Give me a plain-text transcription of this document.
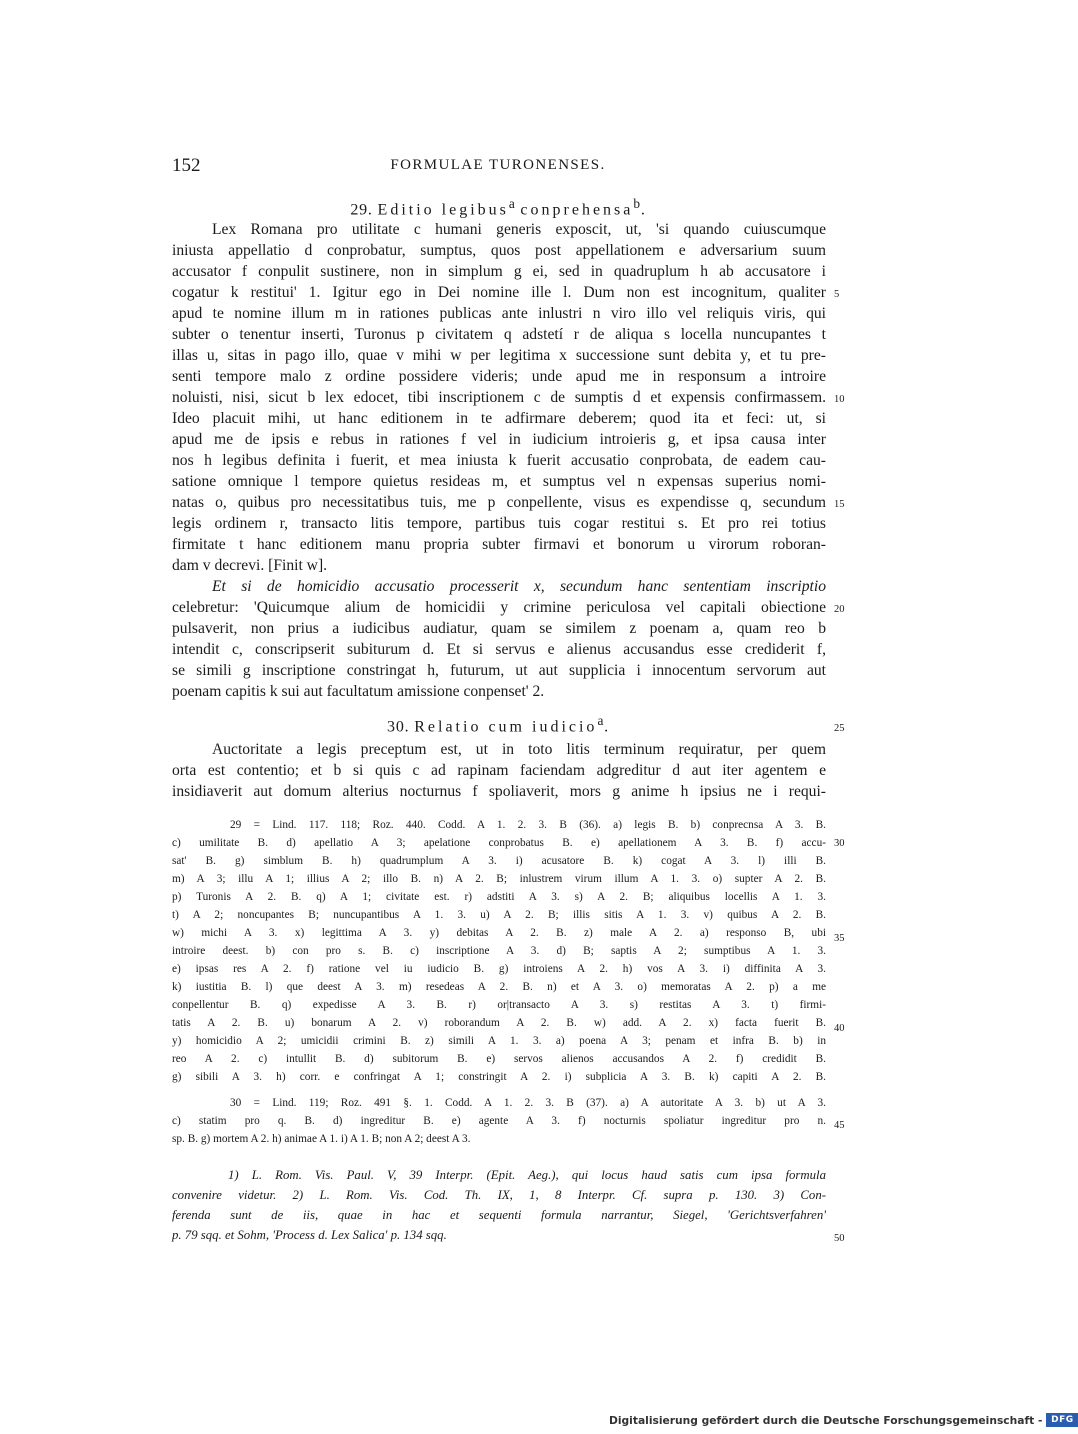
152	FORMULAE TURONENSES.
29. Editio legibus$^a$ conprehensa$^b$.
Lex Romana pro utilitate c humani generis exposcit, ut, 'si quando cuiuscumque
iniusta appellatio d conprobatur, sumptus, quos post appellationem e adversarium suum
accusator f conpulit sustinere, non in simplum g ei, sed in quadruplum h ab accusatore i
cogatur k restitui' 1. Igitur ego in Dei nomine ille l. Dum non est incognitum, qualiter
apud te nomine illum m in rationes publicas ante inlustri n viro illo vel reliquis viris, qui
subter o tenentur inserti, Turonus p civitatem q adstetí r de aliqua s locella nuncupantes t
illas u, sitas in pago illo, quae v mihi w per legitima x successione sunt debita y, et tu pre-
senti tempore malo z ordine possidere videris; unde apud me in responsum a introire
noluisti, nisi, sicut b lex edocet, tibi inscriptionem c de sumptis d et expensis confirmassem.
Ideo placuit mihi, ut hanc editionem in te adfirmare deberem; quod ita et feci: ut, si
apud me de ipsis e rebus in rationes f vel in iudicium introieris g, et ipsa causa inter
nos h legibus definita i fuerit, et mea iniusta k fuerit accusatio conprobata, de eadem cau-
satione omnique l tempore quietus resideas m, et sumptus vel n expensas superius nomi-
natas o, quibus pro necessitatibus tuis, me p conpellente, visus es expendisse q, secundum
legis ordinem r, transacto litis tempore, partibus tuis cogar restitui s. Et pro rei totius
firmitate t hanc editionem manu propria subter firmavi et bonorum u virorum roboran-
dam v decrevi. [Finit w].
Et si de homicidio accusatio processerit x, secundum hanc sententiam inscriptio
celebretur: 'Quicumque alium de homicidii y crimine periculosa vel capitali obiectione
pulsaverit, non prius a iudicibus audiatur, quam se similem z poenam a, quam reo b
intendit c, conscripserit subiturum d. Et si servus e alienus accusandus esse crediderit f,
se simili g inscriptione constringat h, futurum, ut aut supplicia i innocentum servorum aut
poenam capitis k sui aut facultatum amissione conpenset' 2.
30. Relatio cum iudicio$^a$.
Auctoritate a legis preceptum est, ut in toto litis terminum requiratur, per quem
orta est contentio; et b si quis c ad rapinam faciendam adgreditur d aut iter agentem e
insidiaverit aut domum alterius nocturnus f spoliaverit, mors g anime h ipsius ne i requi-
29 = Lind. 117. 118; Roz. 440. Codd. A 1. 2. 3. B (36). a) legis B. b) conprecnsa A 3. B.
c) umilitate B. d) apellatio A 3; apelatione conprobatus B. e) apellationem A 3. B. f) accu-
sat' B. g) simblum B. h) quadrumplum A 3. i) acusatore B. k) cogat A 3. l) illi B.
m) A 3; illu A 1; illius A 2; illo B. n) A 2. B; inlustrem virum illum A 1. 3. o) supter A 2. B.
p) Turonis A 2. B. q) A 1; civitate est. r) adstiti A 3. s) A 2. B; aliquibus locellis A 1. 3.
t) A 2; noncupantes B; nuncupantibus A 1. 3. u) A 2. B; illis sitis A 1. 3. v) quibus A 2. B.
w) michi A 3. x) legittima A 3. y) debitas A 2. B. z) male A 2. a) responso B, ubi
introire deest. b) con pro s. B. c) inscriptione A 3. d) B; saptis A 2; sumptibus A 1. 3.
e) ipsas res A 2. f) ratione vel iu iudicio B. g) introiens A 2. h) vos A 3. i) diffinita A 3.
k) iustitia B. l) que deest A 3. m) resedeas A 2. B. n) et A 3. o) memoratas A 2. p) a me
conpellentur B. q) expedisse A 3. B. r) or|transacto A 3. s) restitas A 3. t) firmi-
tatis A 2. B. u) bonarum A 2. v) roborandum A 2. B. w) add. A 2. x) facta fuerit B.
y) homicidio A 2; umicidii crimini B. z) simili A 1. 3. a) poena A 3; penam et infra B. b) in
reo A 2. c) intullit B. d) subitorum B. e) servos alienos accusandos A 2. f) credidit B.
g) sibili A 3. h) corr. e confringat A 1; constringit A 2. i) subplicia A 3. B. k) capiti A 2. B.
30 = Lind. 119; Roz. 491 §. 1. Codd. A 1. 2. 3. B (37). a) A autoritate A 3. b) ut A 3.
c) statim pro q. B. d) ingreditur B. e) agente A 3. f) nocturnis spoliatur ingreditur pro n.
sp. B. g) mortem A 2. h) animae A 1. i) A 1. B; non A 2; deest A 3.
1) L. Rom. Vis. Paul. V, 39 Interpr. (Epit. Aeg.), qui locus haud satis cum ipsa formula
convenire videtur. 2) L. Rom. Vis. Cod. Th. IX, 1, 8 Interpr. Cf. supra p. 130. 3) Con-
ferenda sunt de iis, quae in hac et sequenti formula narrantur, Siegel, 'Gerichtsverfahren'
p. 79 sqq. et Sohm, 'Process d. Lex Salica' p. 134 sqq.
5
10
15
20
25
30
35
40
45
50
Digitalisierung gefördert durch die Deutsche Forschungsgemeinschaft - DFG
